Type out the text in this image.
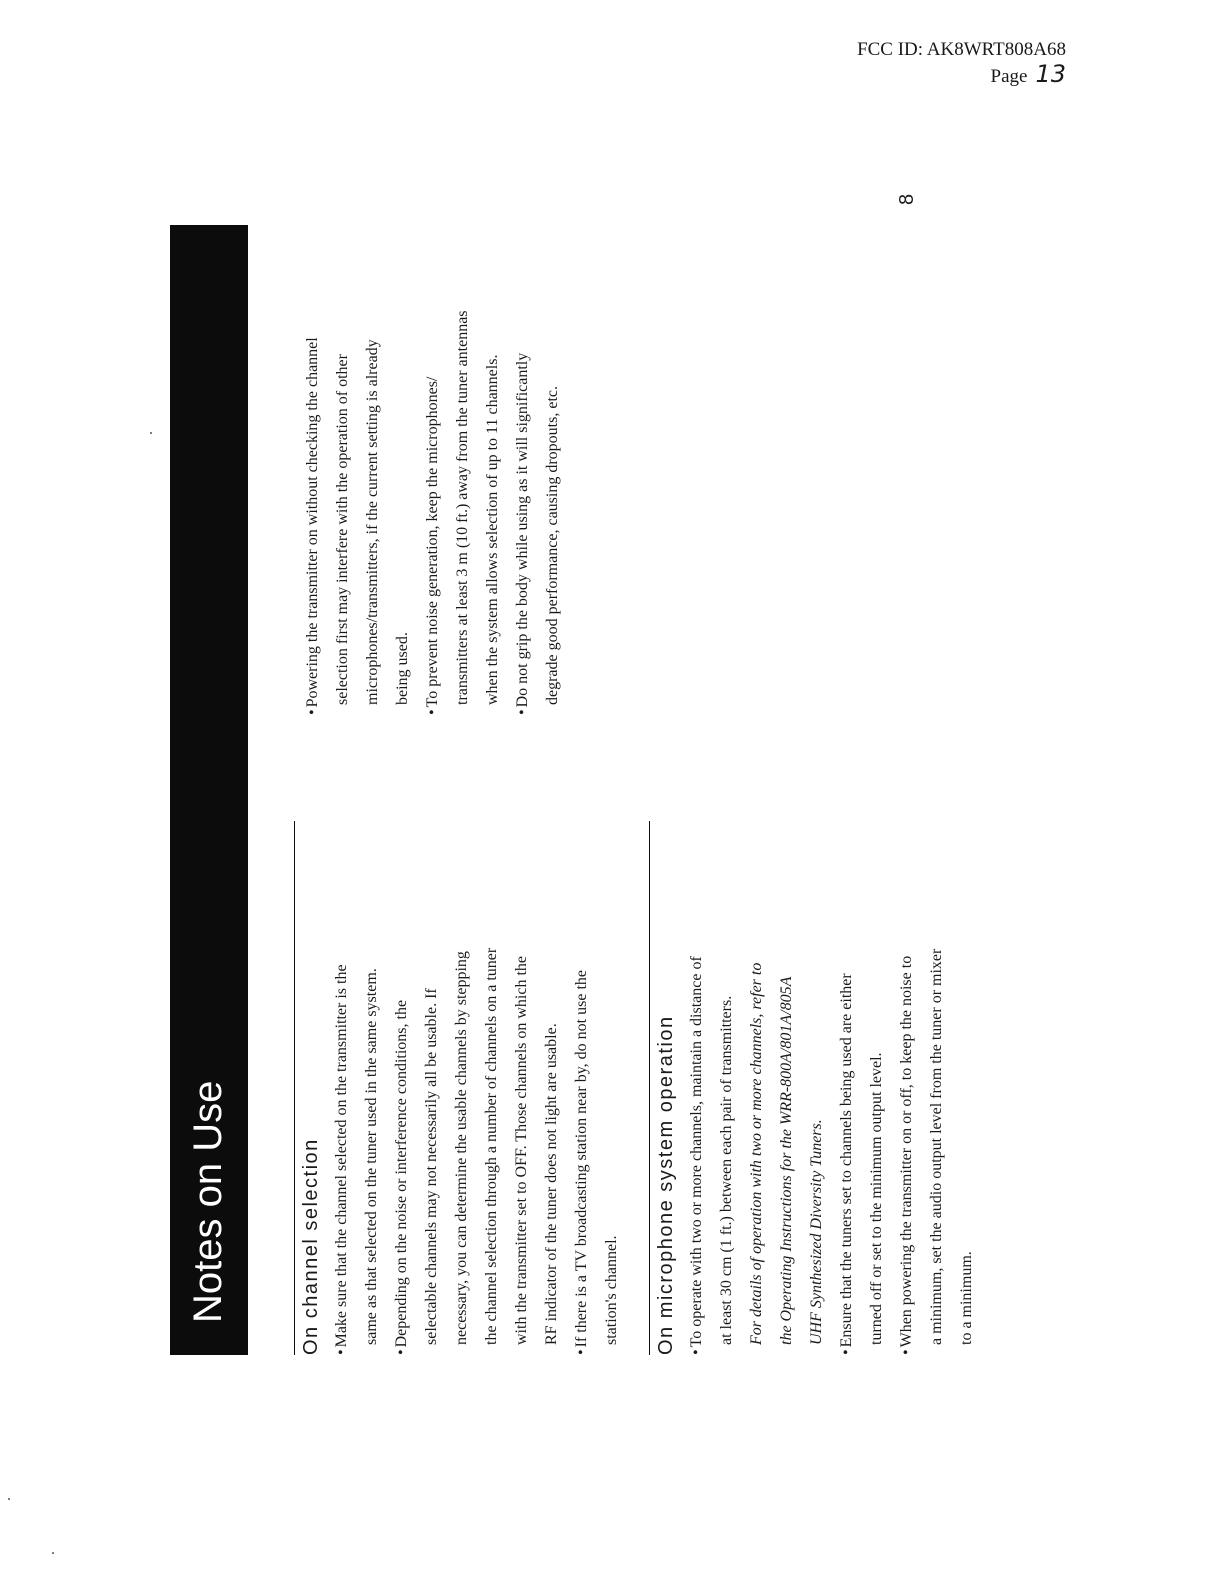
FCC ID: AK8WRT808A68
Page 13
Notes on Use	On channel selection •Make sure that the channel selected on the transmitter is the same as that selected on the tuner used in the same system.
•Depending on the noise or interference conditions, the selectable channels may not necessarily all be usable. If necessary, you can determine the usable channels by stepping the channel selection through a number of channels on a tuner with the transmitter set to OFF. Those channels on which the RF indicator of the tuner does not light are usable.
•If there is a TV broadcasting station near by, do not use the station's channel.	On microphone system operation •To operate with two or more channels, maintain a distance of at least 30 cm (1 ft.) between each pair of transmitters. For details of operation with two or more channels, refer to the Operating Instructions for the WRR-800A/801A/805A UHF Synthesized Diversity Tuners.
•Ensure that the tuners set to channels being used are either turned off or set to the minimum output level.
•When powering the transmitter on or off, to keep the noise to a minimum, set the audio output level from the tuner or mixer to a minimum.
•Powering the transmitter on without checking the channel selection first may interfere with the operation of other microphones/transmitters, if the current setting is already being used.
•To prevent noise generation, keep the microphones/ transmitters at least 3 m (10 ft.) away from the tuner antennas when the system allows selection of up to 11 channels.
•Do not grip the body while using as it will significantly degrade good performance, causing dropouts, etc.
8
